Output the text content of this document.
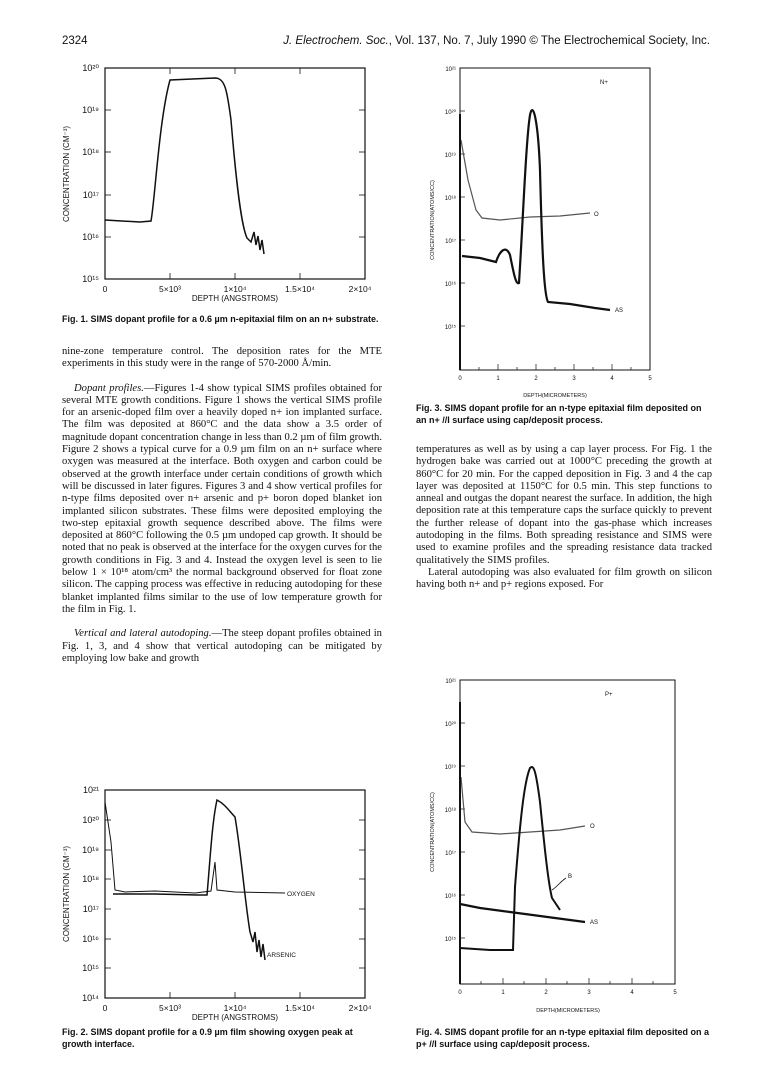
2324	J. Electrochem. Soc., Vol. 137, No. 7, July 1990 © The Electrochemical Society, Inc.
10²⁰
10¹⁹
10¹⁸
10¹⁷
10¹⁶
10¹⁵
0	5×10³	1×10⁴	1.5×10⁴	2×10⁴
DEPTH (ANGSTROMS)
CONCENTRATION (CM⁻³)
Fig. 1. SIMS dopant profile for a 0.6 µm n-epitaxial film on an n+ substrate.

nine-zone temperature control. The deposition rates for the MTE experiments in this study were in the range of 570-2000 Å/min.

Dopant profiles.—Figures 1-4 show typical SIMS profiles obtained for several MTE growth conditions. Figure 1 shows the vertical SIMS profile for an arsenic-doped film over a heavily doped n+ ion implanted surface. The film was deposited at 860°C and the data show a 3.5 order of magnitude dopant concentration change in less than 0.2 µm of film growth. Figure 2 shows a typical curve for a 0.9 µm film on an n+ surface where oxygen was measured at the interface. Both oxygen and carbon could be observed at the growth interface under certain conditions of growth which will be discussed in later figures. Figures 3 and 4 show vertical profiles for n-type films deposited over n+ arsenic and p+ boron doped blanket ion implanted silicon substrates. These films were deposited employing the two-step epitaxial growth sequence described above. The films were deposited at 860°C following the 0.5 µm undoped cap growth. It should be noted that no peak is observed at the interface for the oxygen curves for the growth conditions in Fig. 3 and 4. Instead the oxygen level is seen to lie below 1 × 10¹⁸ atom/cm³ the normal background observed for float zone silicon. The capping process was effective in reducing autodoping for these blanket implanted films similar to the use of low temperature growth for the film in Fig. 1.

Vertical and lateral autodoping.—The steep dopant profiles obtained in Fig. 1, 3, and 4 show that vertical autodoping can be mitigated by employing low bake and growth

OXYGEN
ARSENIC
10²¹
10²⁰
10¹⁹
10¹⁸
10¹⁷
10¹⁶
10¹⁵
10¹⁴
0	5×10³	1×10⁴	1.5×10⁴	2×10⁴
DEPTH (ANGSTROMS)
CONCENTRATION (CM⁻³)
Fig. 2. SIMS dopant profile for a 0.9 µm film showing oxygen peak at growth interface.
N+
O
AS
10²¹
10²⁰
10¹⁹
10¹⁸
10¹⁷
10¹⁶
10¹⁵
0	1	2	3	4	5
DEPTH(MICROMETERS)
CONCENTRATION(ATOMS/CC)
Fig. 3. SIMS dopant profile for an n-type epitaxial film deposited on an n+ //I surface using cap/deposit process.

temperatures as well as by using a cap layer process. For Fig. 1 the hydrogen bake was carried out at 1000°C preceding the growth at 860°C for 20 min. For the capped deposition in Fig. 3 and 4 the cap layer was deposited at 1150°C for 0.5 min. This step functions to anneal and outgas the dopant nearest the surface. In addition, the high deposition rate at this temperature caps the surface quickly to prevent the further release of dopant into the gas-phase which increases autodoping in the films. Both spreading resistance and SIMS were used to examine profiles and the spreading resistance data tracked qualitatively the SIMS profiles.

Lateral autodoping was also evaluated for film growth on silicon having both n+ and p+ regions exposed. For

P+
O
B
AS
10²¹
10²⁰
10¹⁹
10¹⁸
10¹⁷
10¹⁶
10¹⁵
0	1	2	3	4	5
DEPTH(MICROMETERS)
CONCENTRATION(ATOMS/CC)
Fig. 4. SIMS dopant profile for an n-type epitaxial film deposited on a p+ //I surface using cap/deposit process.
